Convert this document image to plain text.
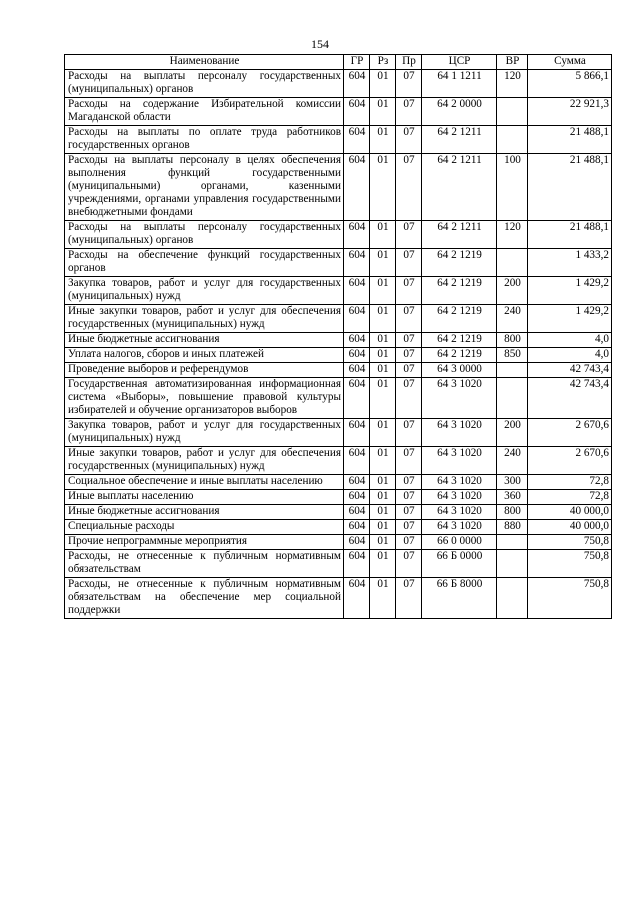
154
Наименование	ГР	Рз	Пр	ЦСР	ВР	Сумма
Расходы на выплаты персоналу государственных (муниципальных) органов	604	01	07	64 1 1211	120	5 866,1
Расходы на содержание Избирательной комиссии Магаданской области	604	01	07	64 2 0000		22 921,3
Расходы на выплаты по оплате труда работников государственных органов	604	01	07	64 2 1211		21 488,1
Расходы на выплаты персоналу в целях обеспечения выполнения функций государственными (муниципальными) органами, казенными учреждениями, органами управления государственными внебюджетными фондами	604	01	07	64 2 1211	100	21 488,1
Расходы на выплаты персоналу государственных (муниципальных) органов	604	01	07	64 2 1211	120	21 488,1
Расходы на обеспечение функций государственных органов	604	01	07	64 2 1219		1 433,2
Закупка товаров, работ и услуг для государственных (муниципальных) нужд	604	01	07	64 2 1219	200	1 429,2
Иные закупки товаров, работ и услуг для обеспечения государственных (муниципальных) нужд	604	01	07	64 2 1219	240	1 429,2
Иные бюджетные ассигнования	604	01	07	64 2 1219	800	4,0
Уплата налогов, сборов и иных платежей	604	01	07	64 2 1219	850	4,0
Проведение выборов и референдумов	604	01	07	64 3 0000		42 743,4
Государственная автоматизированная информационная система «Выборы», повышение правовой культуры избирателей и обучение организаторов выборов	604	01	07	64 3 1020		42 743,4
Закупка товаров, работ и услуг для государственных (муниципальных) нужд	604	01	07	64 3 1020	200	2 670,6
Иные закупки товаров, работ и услуг для обеспечения государственных (муниципальных) нужд	604	01	07	64 3 1020	240	2 670,6
Социальное обеспечение и иные выплаты населению	604	01	07	64 3 1020	300	72,8
Иные выплаты населению	604	01	07	64 3 1020	360	72,8
Иные бюджетные ассигнования	604	01	07	64 3 1020	800	40 000,0
Специальные расходы	604	01	07	64 3 1020	880	40 000,0
Прочие непрограммные мероприятия	604	01	07	66 0 0000		750,8
Расходы, не отнесенные к публичным нормативным обязательствам	604	01	07	66 Б 0000		750,8
Расходы, не отнесенные к публичным нормативным обязательствам на обеспечение мер социальной поддержки	604	01	07	66 Б 8000		750,8
